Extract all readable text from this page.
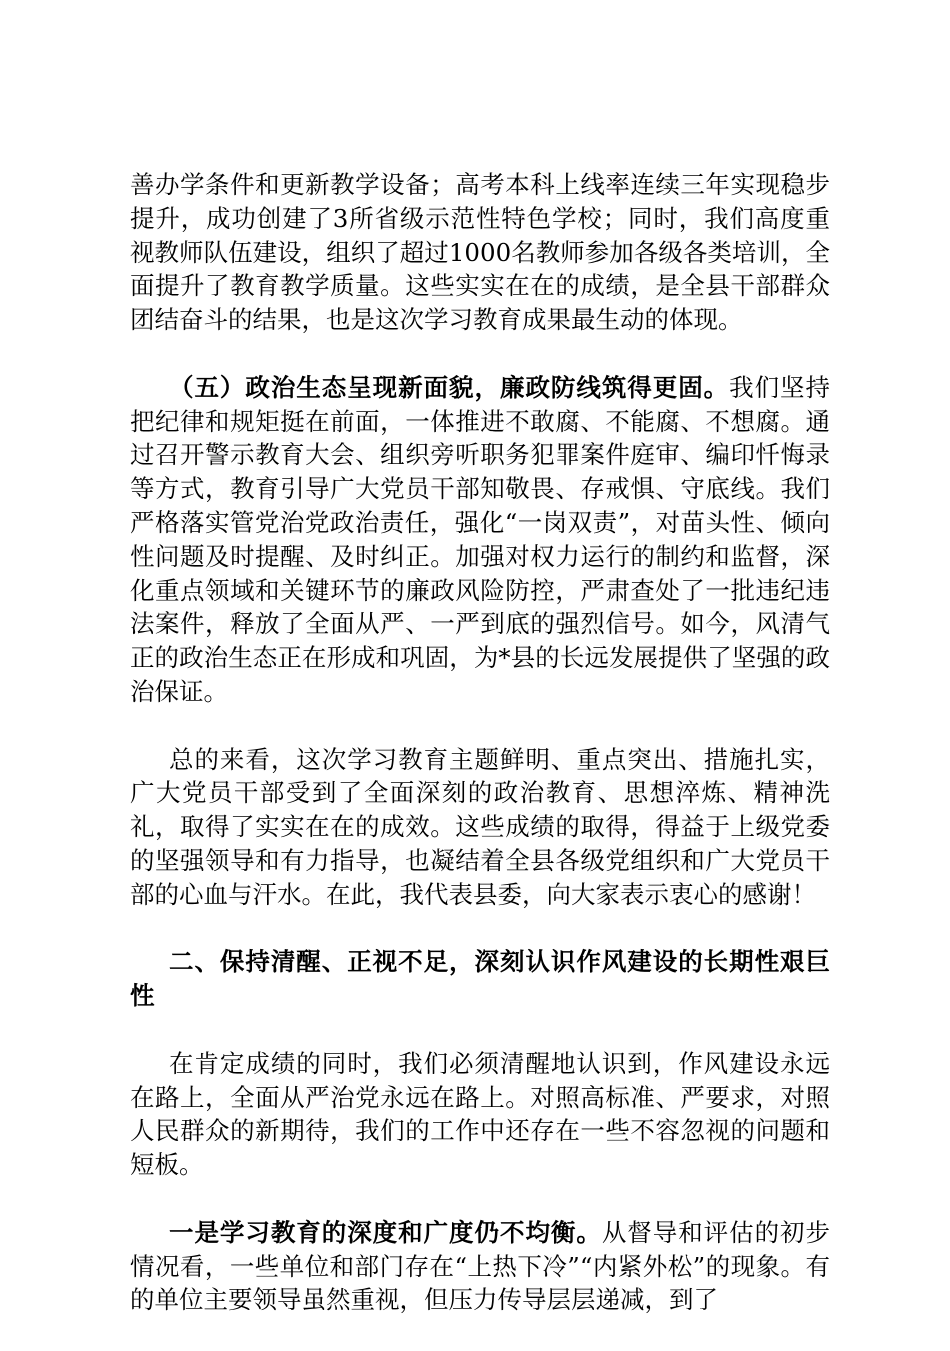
善办学条件和更新教学设备；高考本科上线率连续三年实现稳步提升，成功创建了3所省级示范性特色学校；同时，我们高度重视教师队伍建设，组织了超过1000名教师参加各级各类培训，全面提升了教育教学质量。这些实实在在的成绩，是全县干部群众团结奋斗的结果，也是这次学习教育成果最生动的体现。

（五）政治生态呈现新面貌，廉政防线筑得更固。我们坚持把纪律和规矩挺在前面，一体推进不敢腐、不能腐、不想腐。通过召开警示教育大会、组织旁听职务犯罪案件庭审、编印忏悔录等方式，教育引导广大党员干部知敬畏、存戒惧、守底线。我们严格落实管党治党政治责任，强化“一岗双责”，对苗头性、倾向性问题及时提醒、及时纠正。加强对权力运行的制约和监督，深化重点领域和关键环节的廉政风险防控，严肃查处了一批违纪违法案件，释放了全面从严、一严到底的强烈信号。如今，风清气正的政治生态正在形成和巩固，为*县的长远发展提供了坚强的政治保证。

总的来看，这次学习教育主题鲜明、重点突出、措施扎实，广大党员干部受到了全面深刻的政治教育、思想淬炼、精神洗礼，取得了实实在在的成效。这些成绩的取得，得益于上级党委的坚强领导和有力指导，也凝结着全县各级党组织和广大党员干部的心血与汗水。在此，我代表县委，向大家表示衷心的感谢！

二、保持清醒、正视不足，深刻认识作风建设的长期性艰巨性

在肯定成绩的同时，我们必须清醒地认识到，作风建设永远在路上，全面从严治党永远在路上。对照高标准、严要求，对照人民群众的新期待，我们的工作中还存在一些不容忽视的问题和短板。

一是学习教育的深度和广度仍不均衡。从督导和评估的初步情况看，一些单位和部门存在“上热下冷”“内紧外松”的现象。有的单位主要领导虽然重视，但压力传导层层递减，到了
